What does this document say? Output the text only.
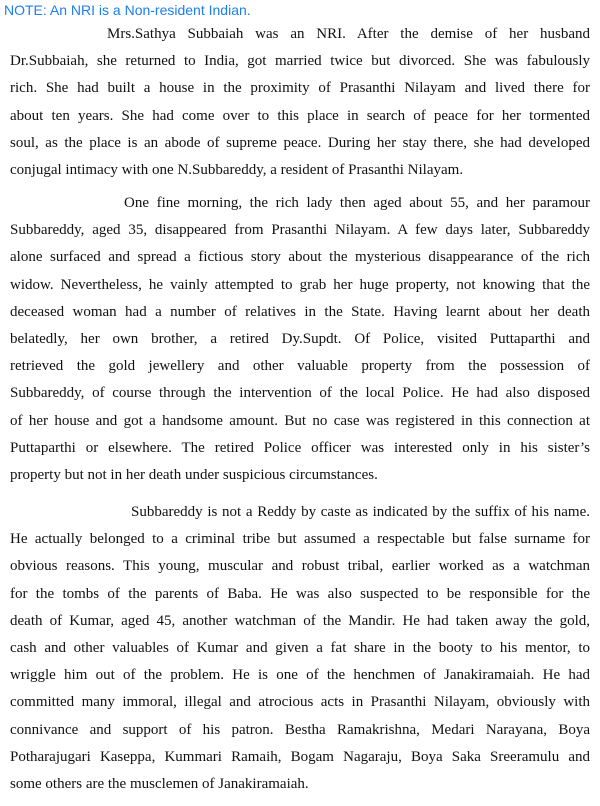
NOTE: An NRI is a Non-resident Indian.
Mrs.Sathya Subbaiah was an NRI. After the demise of her husband
Dr.Subbaiah, she returned to India, got married twice but divorced. She was fabulously
rich. She had built a house in the proximity of Prasanthi Nilayam and lived there for
about ten years. She had come over to this place in search of peace for her tormented
soul, as the place is an abode of supreme peace. During her stay there, she had developed
conjugal intimacy with one N.Subbareddy, a resident of Prasanthi Nilayam.
One fine morning, the rich lady then aged about 55, and her paramour
Subbareddy, aged 35, disappeared from Prasanthi Nilayam. A few days later, Subbareddy
alone surfaced and spread a fictious story about the mysterious disappearance of the rich
widow. Nevertheless, he vainly attempted to grab her huge property, not knowing that the
deceased woman had a number of relatives in the State. Having learnt about her death
belatedly, her own brother, a retired Dy.Supdt. Of Police, visited Puttaparthi and
retrieved the gold jewellery and other valuable property from the possession of
Subbareddy, of course through the intervention of the local Police. He had also disposed
of her house and got a handsome amount. But no case was registered in this connection at
Puttaparthi or elsewhere. The retired Police officer was interested only in his sister’s
property but not in her death under suspicious circumstances.
Subbareddy is not a Reddy by caste as indicated by the suffix of his name.
He actually belonged to a criminal tribe but assumed a respectable but false surname for
obvious reasons. This young, muscular and robust tribal, earlier worked as a watchman
for the tombs of the parents of Baba. He was also suspected to be responsible for the
death of Kumar, aged 45, another watchman of the Mandir. He had taken away the gold,
cash and other valuables of Kumar and given a fat share in the booty to his mentor, to
wriggle him out of the problem. He is one of the henchmen of Janakiramaiah. He had
committed many immoral, illegal and atrocious acts in Prasanthi Nilayam, obviously with
connivance and support of his patron. Bestha Ramakrishna, Medari Narayana, Boya
Potharajugari Kaseppa, Kummari Ramaih, Bogam Nagaraju, Boya Saka Sreeramulu and
some others are the musclemen of Janakiramaiah.
